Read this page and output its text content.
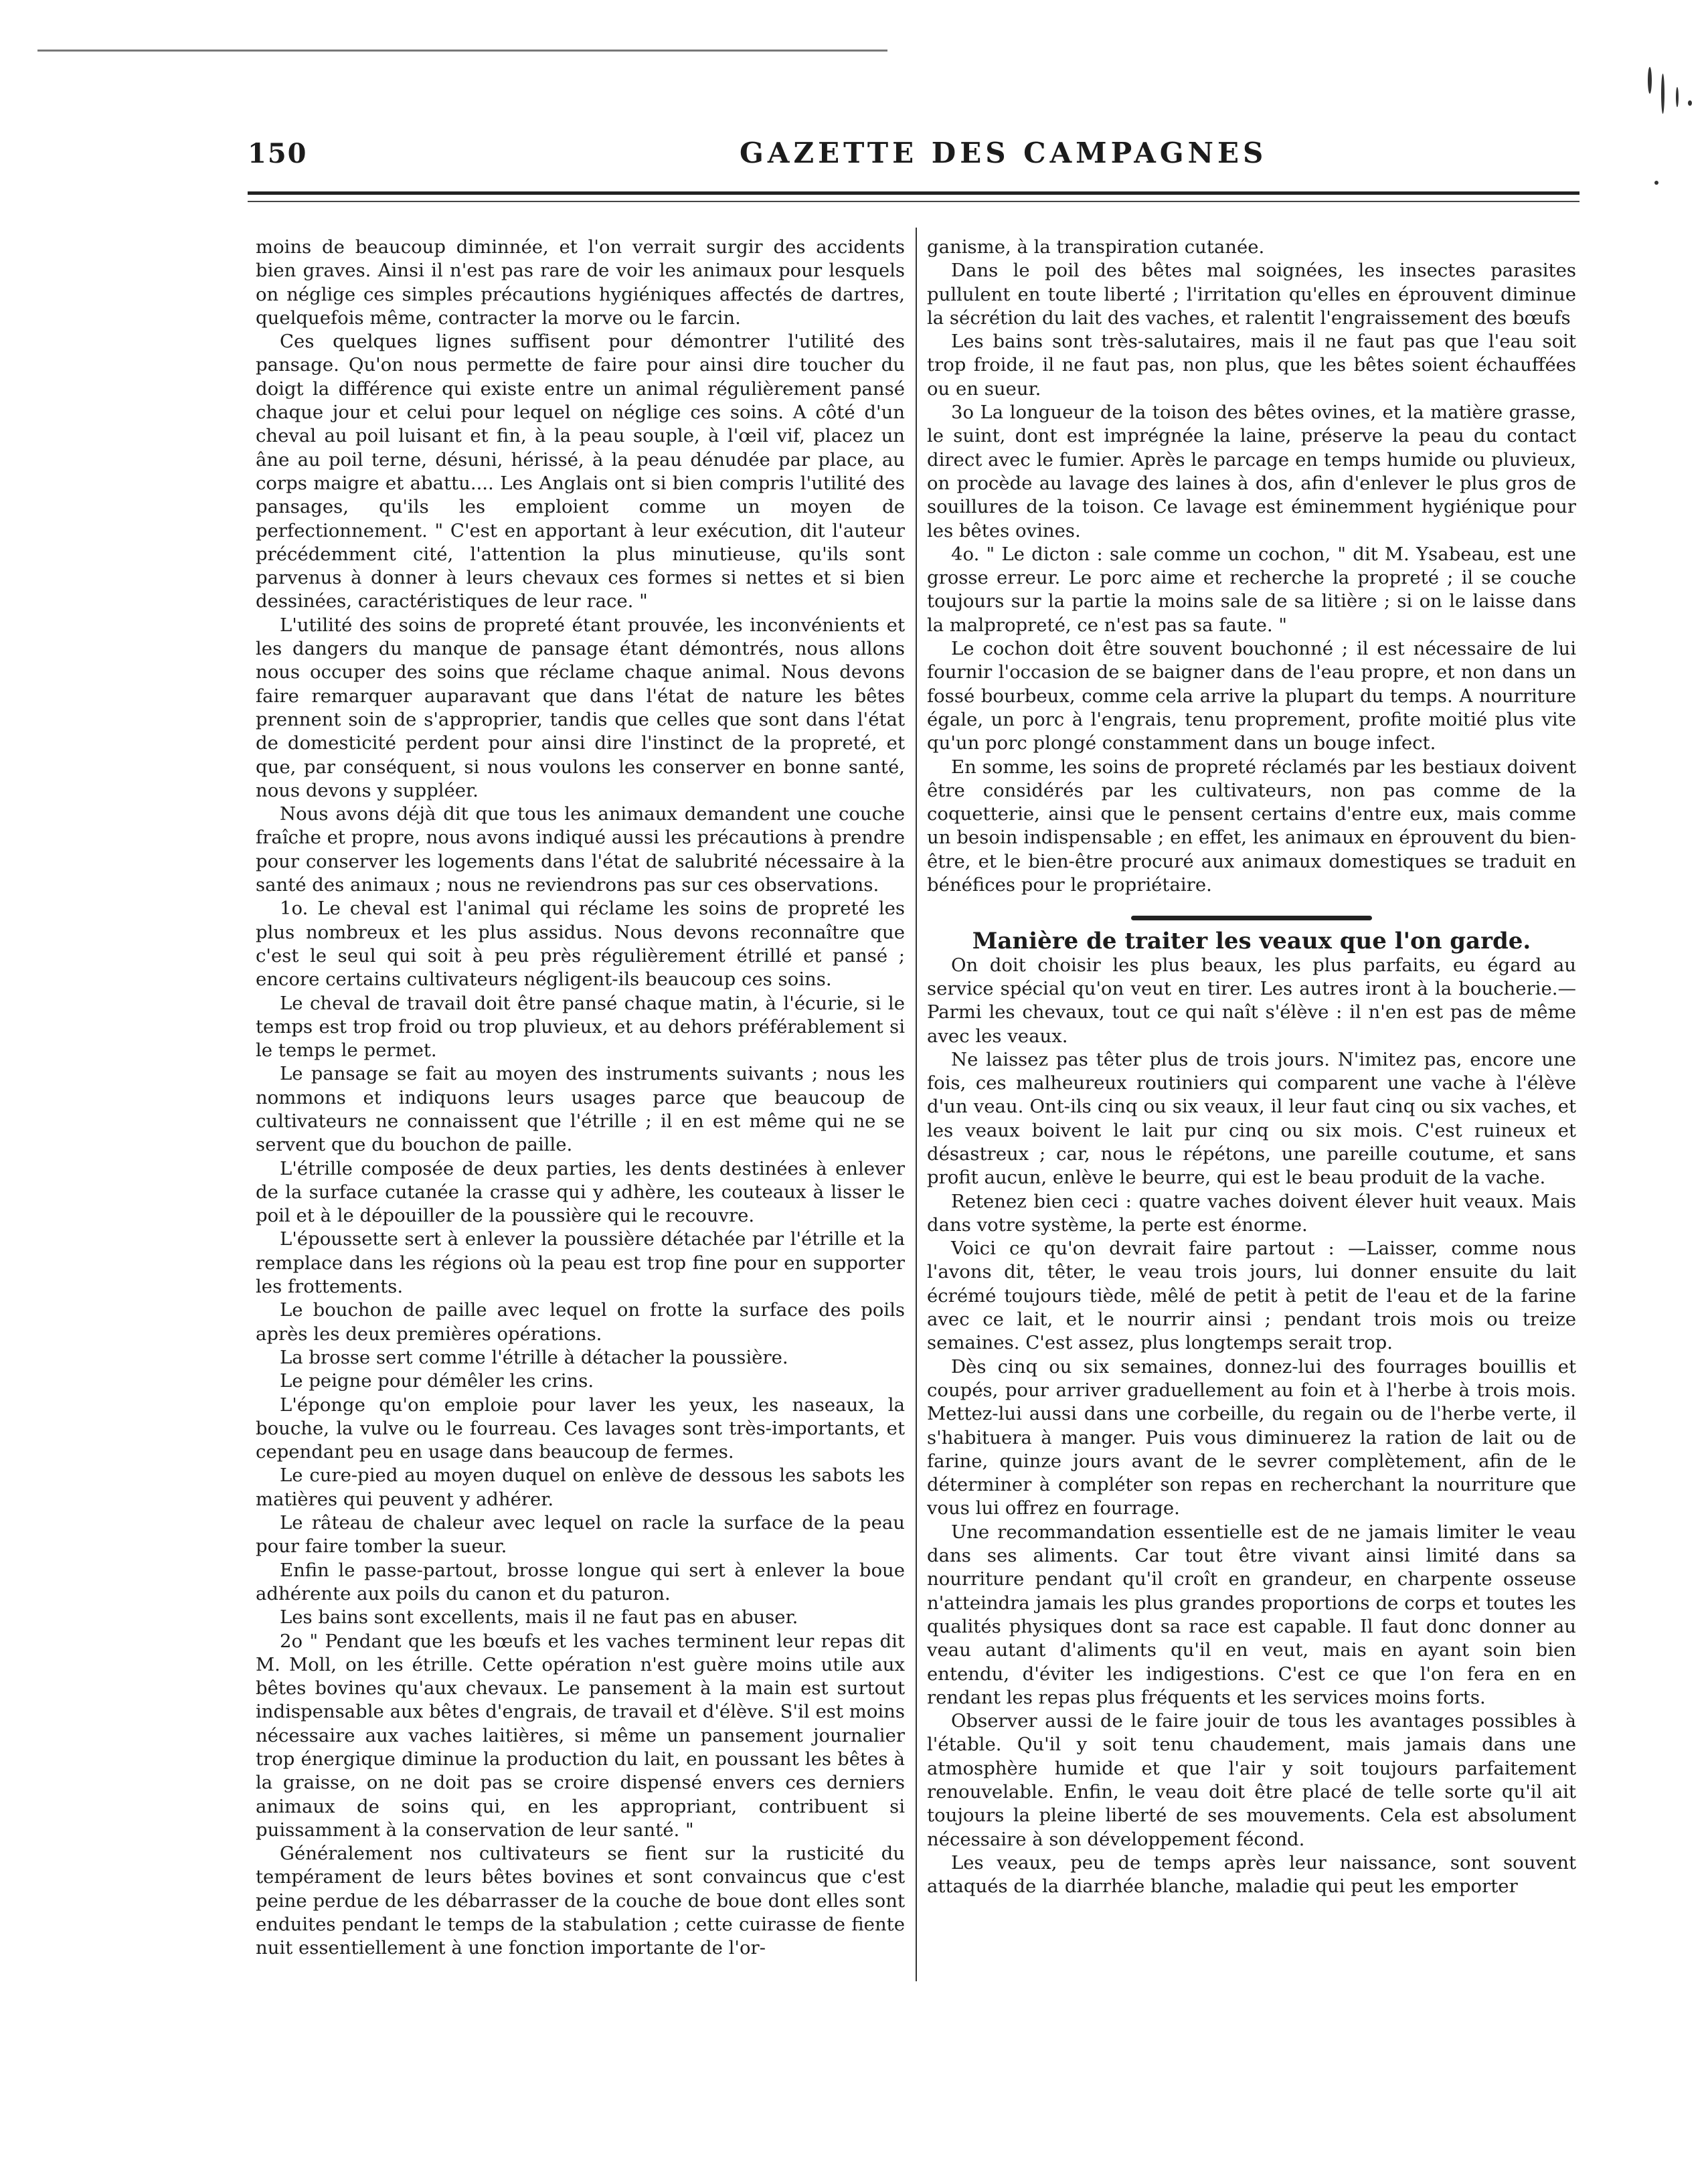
150	GAZETTE DES CAMPAGNES

moins de beaucoup diminnée, et l'on verrait surgir des accidents bien graves. Ainsi il n'est pas rare de voir les animaux pour lesquels on néglige ces simples précautions hygiéniques affectés de dartres, quelquefois même, contracter la morve ou le farcin.

Ces quelques lignes suffisent pour démontrer l'utilité des pansage. Qu'on nous permette de faire pour ainsi dire toucher du doigt la différence qui existe entre un animal régulièrement pansé chaque jour et celui pour lequel on néglige ces soins. A côté d'un cheval au poil luisant et fin, à la peau souple, à l'œil vif, placez un âne au poil terne, désuni, hérissé, à la peau dénudée par place, au corps maigre et abattu.... Les Anglais ont si bien compris l'utilité des pansages, qu'ils les emploient comme un moyen de perfectionnement. " C'est en apportant à leur exécution, dit l'auteur précédemment cité, l'attention la plus minutieuse, qu'ils sont parvenus à donner à leurs chevaux ces formes si nettes et si bien dessinées, caractéristiques de leur race. "

L'utilité des soins de propreté étant prouvée, les inconvénients et les dangers du manque de pansage étant démontrés, nous allons nous occuper des soins que réclame chaque animal. Nous devons faire remarquer auparavant que dans l'état de nature les bêtes prennent soin de s'approprier, tandis que celles que sont dans l'état de domesticité perdent pour ainsi dire l'instinct de la propreté, et que, par conséquent, si nous voulons les conserver en bonne santé, nous devons y suppléer.

Nous avons déjà dit que tous les animaux demandent une couche fraîche et propre, nous avons indiqué aussi les précautions à prendre pour conserver les logements dans l'état de salubrité nécessaire à la santé des animaux ; nous ne reviendrons pas sur ces observations.

1o. Le cheval est l'animal qui réclame les soins de propreté les plus nombreux et les plus assidus. Nous devons reconnaître que c'est le seul qui soit à peu près régulièrement étrillé et pansé ; encore certains cultivateurs négligent-ils beaucoup ces soins.

Le cheval de travail doit être pansé chaque matin, à l'écurie, si le temps est trop froid ou trop pluvieux, et au dehors préférablement si le temps le permet.

Le pansage se fait au moyen des instruments suivants ; nous les nommons et indiquons leurs usages parce que beaucoup de cultivateurs ne connaissent que l'étrille ; il en est même qui ne se servent que du bouchon de paille.

L'étrille composée de deux parties, les dents destinées à enlever de la surface cutanée la crasse qui y adhère, les couteaux à lisser le poil et à le dépouiller de la poussière qui le recouvre.

L'époussette sert à enlever la poussière détachée par l'étrille et la remplace dans les régions où la peau est trop fine pour en supporter les frottements.

Le bouchon de paille avec lequel on frotte la surface des poils après les deux premières opérations.

La brosse sert comme l'étrille à détacher la poussière.

Le peigne pour démêler les crins.

L'éponge qu'on emploie pour laver les yeux, les naseaux, la bouche, la vulve ou le fourreau. Ces lavages sont très-importants, et cependant peu en usage dans beaucoup de fermes.

Le cure-pied au moyen duquel on enlève de dessous les sabots les matières qui peuvent y adhérer.

Le râteau de chaleur avec lequel on racle la surface de la peau pour faire tomber la sueur.

Enfin le passe-partout, brosse longue qui sert à enlever la boue adhérente aux poils du canon et du paturon.

Les bains sont excellents, mais il ne faut pas en abuser.

2o " Pendant que les bœufs et les vaches terminent leur repas dit M. Moll, on les étrille. Cette opération n'est guère moins utile aux bêtes bovines qu'aux chevaux. Le pansement à la main est surtout indispensable aux bêtes d'engrais, de travail et d'élève. S'il est moins nécessaire aux vaches laitières, si même un pansement journalier trop énergique diminue la production du lait, en poussant les bêtes à la graisse, on ne doit pas se croire dispensé envers ces derniers animaux de soins qui, en les appropriant, contribuent si puissamment à la conservation de leur santé. "

Généralement nos cultivateurs se fient sur la rusticité du tempérament de leurs bêtes bovines et sont convaincus que c'est peine perdue de les débarrasser de la couche de boue dont elles sont enduites pendant le temps de la stabulation ; cette cuirasse de fiente nuit essentiellement à une fonction importante de l'or-

ganisme, à la transpiration cutanée.

Dans le poil des bêtes mal soignées, les insectes parasites pullulent en toute liberté ; l'irritation qu'elles en éprouvent diminue la sécrétion du lait des vaches, et ralentit l'engraissement des bœufs

Les bains sont très-salutaires, mais il ne faut pas que l'eau soit trop froide, il ne faut pas, non plus, que les bêtes soient échauffées ou en sueur.

3o La longueur de la toison des bêtes ovines, et la matière grasse, le suint, dont est imprégnée la laine, préserve la peau du contact direct avec le fumier. Après le parcage en temps humide ou pluvieux, on procède au lavage des laines à dos, afin d'enlever le plus gros de souillures de la toison. Ce lavage est éminemment hygiénique pour les bêtes ovines.

4o. " Le dicton : sale comme un cochon, " dit M. Ysabeau, est une grosse erreur. Le porc aime et recherche la propreté ; il se couche toujours sur la partie la moins sale de sa litière ; si on le laisse dans la malpropreté, ce n'est pas sa faute. "

Le cochon doit être souvent bouchonné ; il est nécessaire de lui fournir l'occasion de se baigner dans de l'eau propre, et non dans un fossé bourbeux, comme cela arrive la plupart du temps. A nourriture égale, un porc à l'engrais, tenu proprement, profite moitié plus vite qu'un porc plongé constamment dans un bouge infect.

En somme, les soins de propreté réclamés par les bestiaux doivent être considérés par les cultivateurs, non pas comme de la coquetterie, ainsi que le pensent certains d'entre eux, mais comme un besoin indispensable ; en effet, les animaux en éprouvent du bien-être, et le bien-être procuré aux animaux domestiques se traduit en bénéfices pour le propriétaire.

Manière de traiter les veaux que l'on garde.

On doit choisir les plus beaux, les plus parfaits, eu égard au service spécial qu'on veut en tirer. Les autres iront à la boucherie.—Parmi les chevaux, tout ce qui naît s'élève : il n'en est pas de même avec les veaux.

Ne laissez pas têter plus de trois jours. N'imitez pas, encore une fois, ces malheureux routiniers qui comparent une vache à l'élève d'un veau. Ont-ils cinq ou six veaux, il leur faut cinq ou six vaches, et les veaux boivent le lait pur cinq ou six mois. C'est ruineux et désastreux ; car, nous le répétons, une pareille coutume, et sans profit aucun, enlève le beurre, qui est le beau produit de la vache.

Retenez bien ceci : quatre vaches doivent élever huit veaux. Mais dans votre système, la perte est énorme.

Voici ce qu'on devrait faire partout : —Laisser, comme nous l'avons dit, têter, le veau trois jours, lui donner ensuite du lait écrémé toujours tiède, mêlé de petit à petit de l'eau et de la farine avec ce lait, et le nourrir ainsi ; pendant trois mois ou treize semaines. C'est assez, plus longtemps serait trop.

Dès cinq ou six semaines, donnez-lui des fourrages bouillis et coupés, pour arriver graduellement au foin et à l'herbe à trois mois. Mettez-lui aussi dans une corbeille, du regain ou de l'herbe verte, il s'habituera à manger. Puis vous diminuerez la ration de lait ou de farine, quinze jours avant de le sevrer complètement, afin de le déterminer à compléter son repas en recherchant la nourriture que vous lui offrez en fourrage.

Une recommandation essentielle est de ne jamais limiter le veau dans ses aliments. Car tout être vivant ainsi limité dans sa nourriture pendant qu'il croît en grandeur, en charpente osseuse n'atteindra jamais les plus grandes proportions de corps et toutes les qualités physiques dont sa race est capable. Il faut donc donner au veau autant d'aliments qu'il en veut, mais en ayant soin bien entendu, d'éviter les indigestions. C'est ce que l'on fera en en rendant les repas plus fréquents et les services moins forts.

Observer aussi de le faire jouir de tous les avantages possibles à l'étable. Qu'il y soit tenu chaudement, mais jamais dans une atmosphère humide et que l'air y soit toujours parfaitement renouvelable. Enfin, le veau doit être placé de telle sorte qu'il ait toujours la pleine liberté de ses mouvements. Cela est absolument nécessaire à son développement fécond.

Les veaux, peu de temps après leur naissance, sont souvent attaqués de la diarrhée blanche, maladie qui peut les emporter
